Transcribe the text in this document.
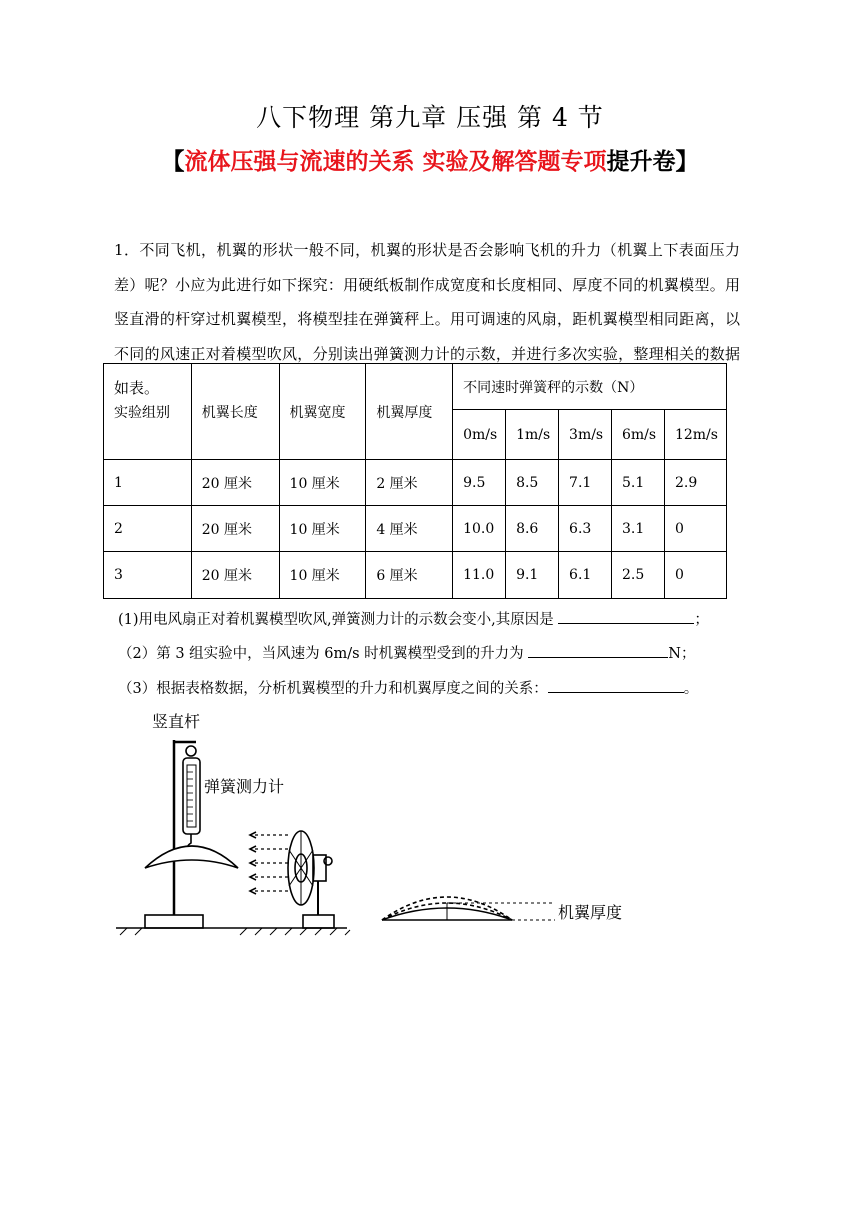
八下物理 第九章 压强 第 4 节
【流体压强与流速的关系 实验及解答题专项提升卷】
1．不同飞机，机翼的形状一般不同，机翼的形状是否会影响飞机的升力（机翼上下表面压力差）呢？小应为此进行如下探究：用硬纸板制作成宽度和长度相同、厚度不同的机翼模型。用竖直滑的杆穿过机翼模型，将模型挂在弹簧秤上。用可调速的风扇，距机翼模型相同距离，以不同的风速正对着模型吹风，分别读出弹簧测力计的示数，并进行多次实验，整理相关的数据如表。
实验组别	机翼长度	机翼宽度	机翼厚度	不同速时弹簧秤的示数（N）				
				0m/s	1m/s	3m/s	6m/s	12m/s
1	20 厘米	10 厘米	2 厘米	9.5	8.5	7.1	5.1	2.9
2	20 厘米	10 厘米	4 厘米	10.0	8.6	6.3	3.1	0
3	20 厘米	10 厘米	6 厘米	11.0	9.1	6.1	2.5	0
(1)用电风扇正对着机翼模型吹风,弹簧测力计的示数会变小,其原因是	；
（2）第 3 组实验中，当风速为 6m/s 时机翼模型受到的升力为	N；
（3）根据表格数据，分析机翼模型的升力和机翼厚度之间的关系：	。
竖直杆
弹簧测力计
机翼厚度
